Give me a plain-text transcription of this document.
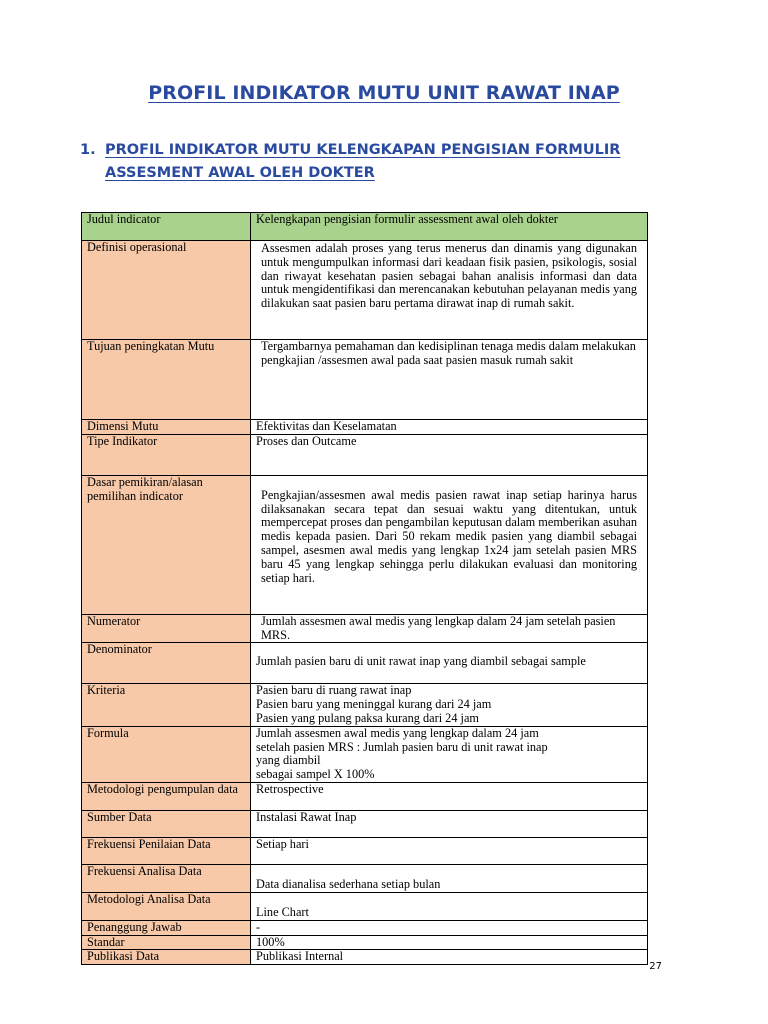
PROFIL INDIKATOR MUTU UNIT RAWAT INAP
1. PROFIL INDIKATOR MUTU KELENGKAPAN PENGISIAN FORMULIR
ASSESMENT AWAL OLEH DOKTER
Judul indicator	Kelengkapan pengisian formulir assessment awal oleh dokter

Definisi operasional	Assesmen adalah proses yang terus menerus dan dinamis yang digunakan untuk mengumpulkan informasi dari keadaan fisik pasien, psikologis, sosial dan riwayat kesehatan pasien sebagai bahan analisis informasi dan data untuk mengidentifikasi dan merencanakan kebutuhan pelayanan medis yang dilakukan saat pasien baru pertama dirawat inap di rumah sakit.

Tujuan peningkatan Mutu	Tergambarnya pemahaman dan kedisiplinan tenaga medis dalam melakukan pengkajian /assesmen awal pada saat pasien masuk rumah sakit

Dimensi Mutu	Efektivitas dan Keselamatan

Tipe Indikator	Proses dan Outcame

Dasar pemikiran/alasan pemilihan indicator	Pengkajian/assesmen awal medis pasien rawat inap setiap harinya harus dilaksanakan secara tepat dan sesuai waktu yang ditentukan, untuk mempercepat proses dan pengambilan keputusan dalam memberikan asuhan medis kepada pasien. Dari 50 rekam medik pasien yang diambil sebagai sampel, asesmen awal medis yang lengkap 1x24 jam setelah pasien MRS baru 45 yang lengkap sehingga perlu dilakukan evaluasi dan monitoring setiap hari.

Numerator	Jumlah assesmen awal medis yang lengkap dalam 24 jam setelah pasien MRS.

Denominator	Jumlah pasien baru di unit rawat inap yang diambil sebagai sample

Kriteria	Pasien baru di ruang rawat inap

Pasien baru yang meninggal kurang dari 24 jam

Pasien yang pulang paksa kurang dari 24 jam

Formula	Jumlah assesmen awal medis yang lengkap dalam 24 jam

setelah pasien MRS : Jumlah pasien baru di unit rawat inap

yang diambil

sebagai sampel X 100%

Metodologi pengumpulan data	Retrospective

Sumber Data	Instalasi Rawat Inap

Frekuensi Penilaian Data	Setiap hari

Frekuensi Analisa Data	Data dianalisa sederhana setiap bulan

Metodologi Analisa Data	Line Chart

Penanggung Jawab	-

Standar	100%

Publikasi Data	Publikasi Internal

27
